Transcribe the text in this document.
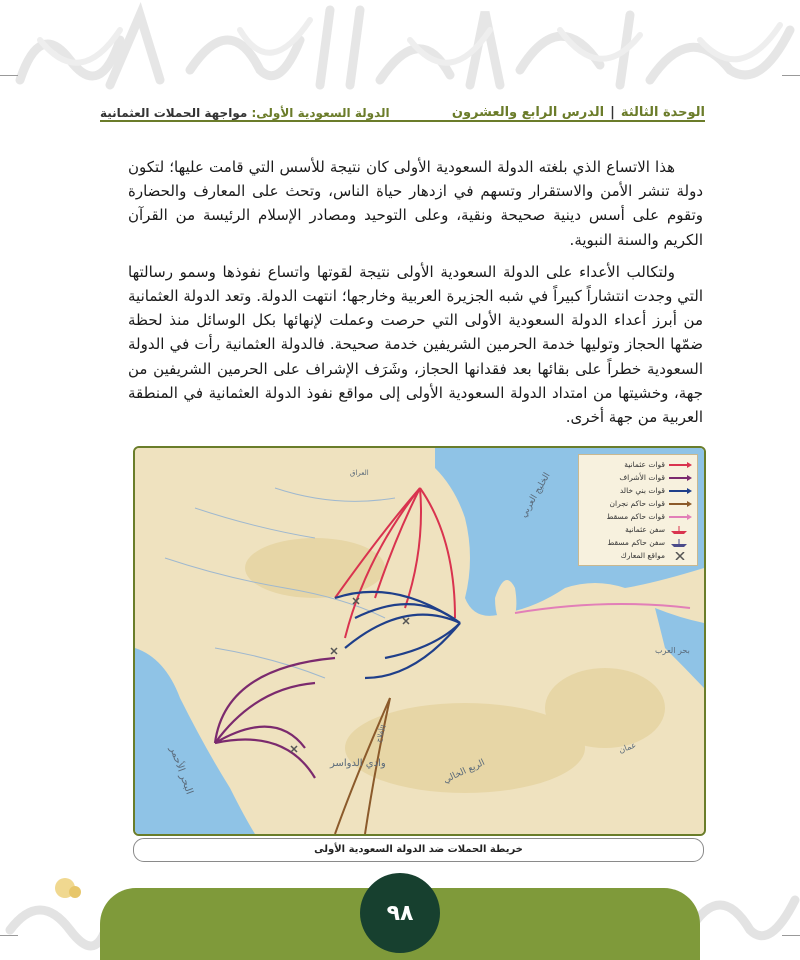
الوحدة الثالثة
|
الدرس الرابع والعشرون
الدولة السعودية الأولى: مواجهة الحملات العثمانية

هذا الاتساع الذي بلغته الدولة السعودية الأولى كان نتيجة للأسس التي قامت عليها؛ لتكون دولة تنشر الأمن والاستقرار وتسهم في ازدهار حياة الناس، وتحث على المعارف والحضارة وتقوم على أسس دينية صحيحة ونقية، وعلى التوحيد ومصادر الإسلام الرئيسة من القرآن الكريم والسنة النبوية.

ولتكالب الأعداء على الدولة السعودية الأولى نتيجة لقوتها واتساع نفوذها وسمو رسالتها التي وجدت انتشاراً كبيراً في شبه الجزيرة العربية وخارجها؛ انتهت الدولة. وتعد الدولة العثمانية من أبرز أعداء الدولة السعودية الأولى التي حرصت وعملت لإنهائها بكل الوسائل منذ لحظة ضمّها الحجاز وتوليها خدمة الحرمين الشريفين خدمة صحيحة. فالدولة العثمانية رأت في الدولة السعودية خطراً على بقائها بعد فقدانها الحجاز، وشَرَف الإشراف على الحرمين الشريفين من جهة، وخشيتها من امتداد الدولة السعودية الأولى إلى مواقع نفوذ الدولة العثمانية في المنطقة العربية من جهة أخرى.

الخليج العربي
البحر الأحمر
بحر العرب
وادي الدواسر	الربع الخالي
عمان
العراق
الأفلاج
قوات عثمانية
قوات الأشراف
قوات بني خالد
قوات حاكم نجران
قوات حاكم مسقط
سفن عثمانية
سفن حاكم مسقط
مواقع المعارك
خريطة الحملات ضد الدولة السعودية الأولى
٩٨
